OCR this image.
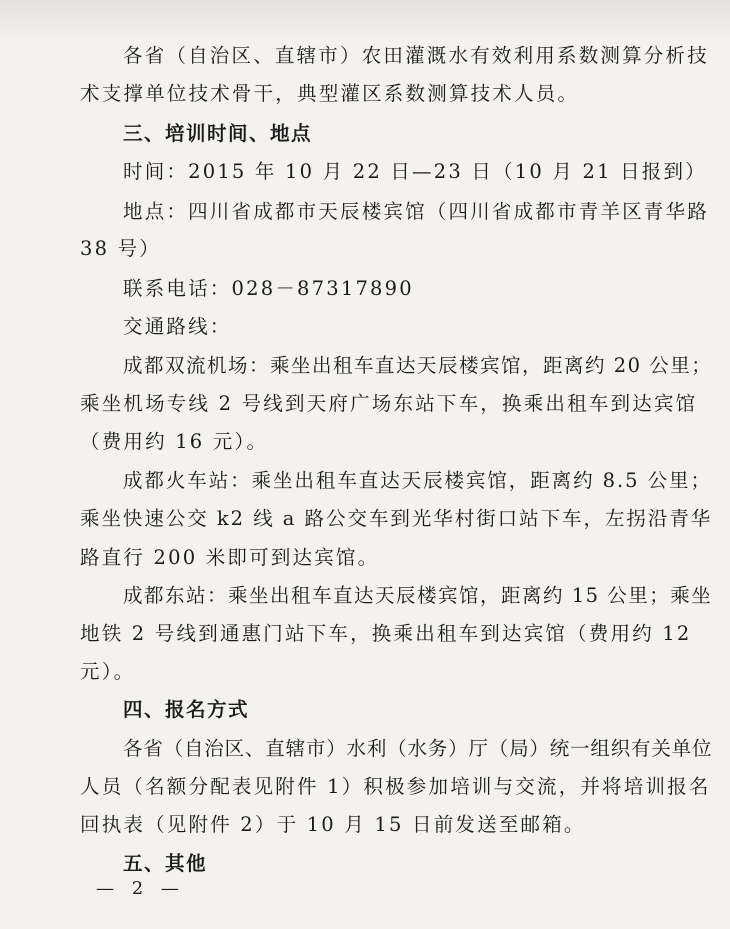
各省（自治区、直辖市）农田灌溉水有效利用系数测算分析技
术支撑单位技术骨干，典型灌区系数测算技术人员。
三、培训时间、地点
时间：2015 年 10 月 22 日—23 日（10 月 21 日报到）
地点：四川省成都市天辰楼宾馆（四川省成都市青羊区青华路
38 号）
联系电话：028－87317890
交通路线：
成都双流机场：乘坐出租车直达天辰楼宾馆，距离约 20 公里；
乘坐机场专线 2 号线到天府广场东站下车，换乘出租车到达宾馆
（费用约 16 元）。
成都火车站：乘坐出租车直达天辰楼宾馆，距离约 8.5 公里；
乘坐快速公交 k2 线 a 路公交车到光华村街口站下车，左拐沿青华
路直行 200 米即可到达宾馆。
成都东站：乘坐出租车直达天辰楼宾馆，距离约 15 公里；乘坐
地铁 2 号线到通惠门站下车，换乘出租车到达宾馆（费用约 12
元）。
四、报名方式
各省（自治区、直辖市）水利（水务）厅（局）统一组织有关单位
人员（名额分配表见附件 1）积极参加培训与交流，并将培训报名
回执表（见附件 2）于 10 月 15 日前发送至邮箱。
五、其他
— 2 —
